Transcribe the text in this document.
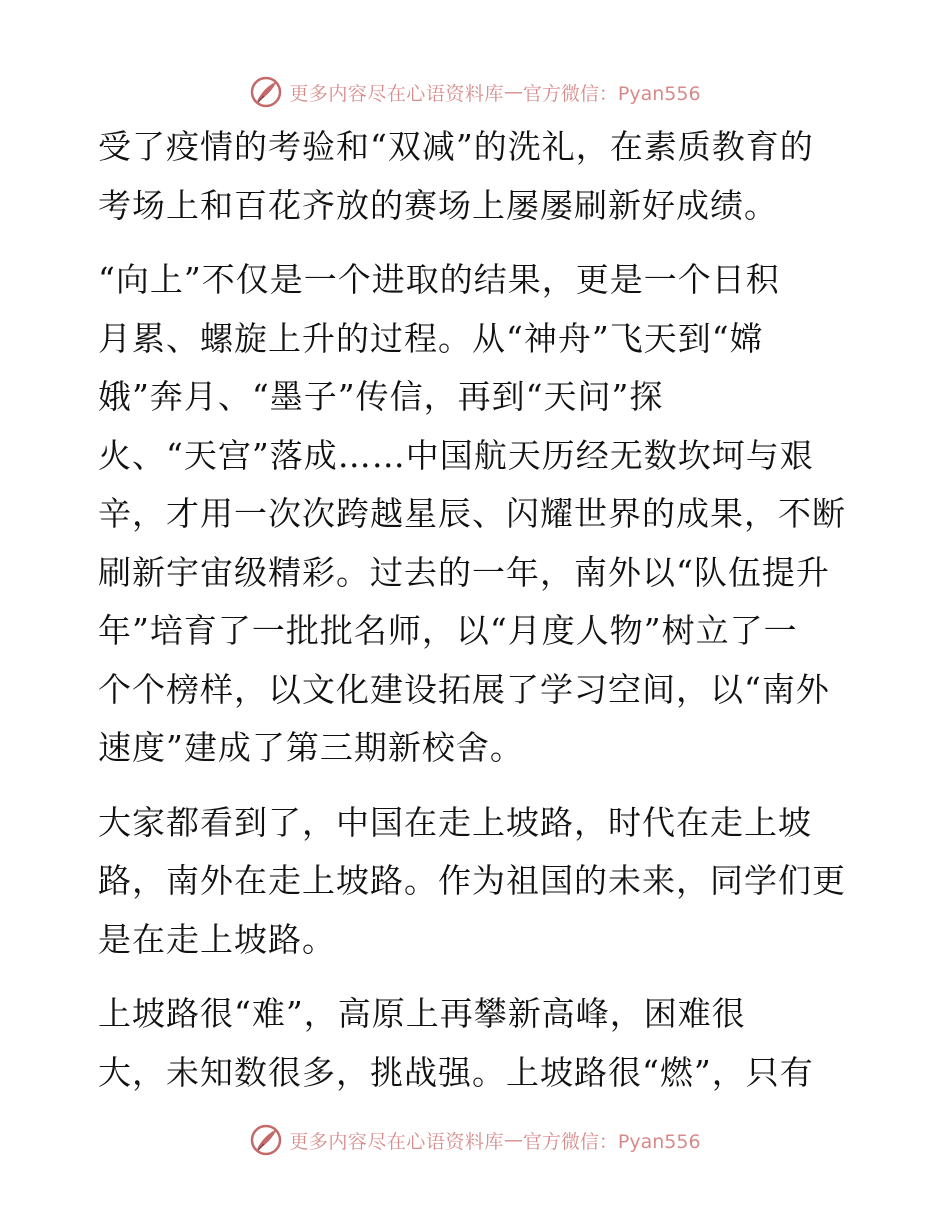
更多内容尽在心语资料库 — 官方微信：Pyan556

受了疫情的考验和“双减”的洗礼，在素质教育的
考场上和百花齐放的赛场上屡屡刷新好成绩。

“向上”不仅是一个进取的结果，更是一个日积
月累、螺旋上升的过程。从“神舟”飞天到“嫦
娥”奔月、“墨子”传信，再到“天问”探
火、“天宫”落成……中国航天历经无数坎坷与艰
辛，才用一次次跨越星辰、闪耀世界的成果，不断
刷新宇宙级精彩。过去的一年，南外以“队伍提升
年”培育了一批批名师，以“月度人物”树立了一
个个榜样，以文化建设拓展了学习空间，以“南外
速度”建成了第三期新校舍。

大家都看到了，中国在走上坡路，时代在走上坡
路，南外在走上坡路。作为祖国的未来，同学们更
是在走上坡路。

上坡路很“难”，高原上再攀新高峰，困难很
大，未知数很多，挑战强。上坡路很“燃”，只有

更多内容尽在心语资料库 — 官方微信：Pyan556
